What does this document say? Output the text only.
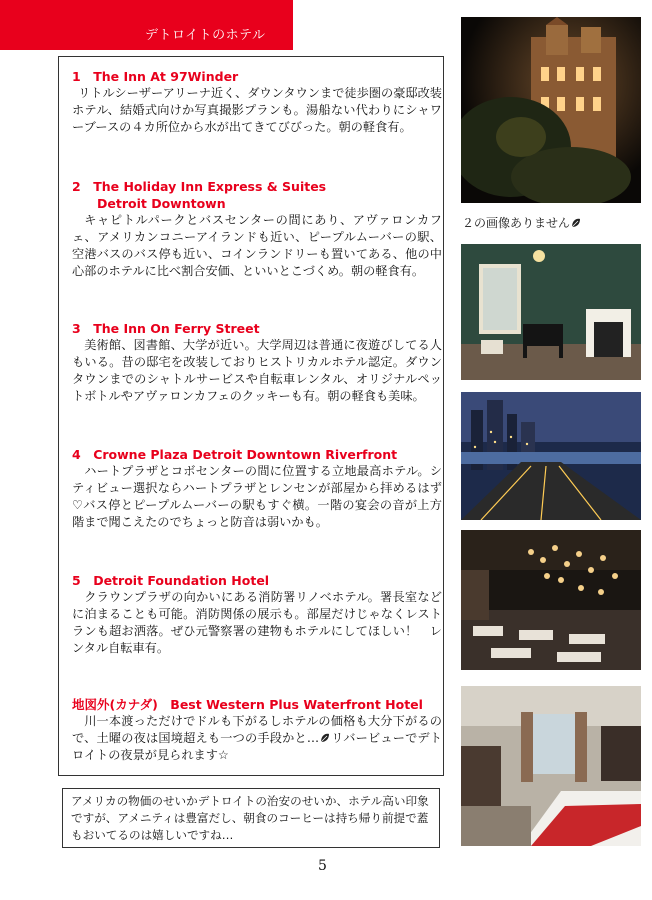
デトロイトのホテル
1　The Inn At 97Winder
リトルシーザーアリーナ近く、ダウンタウンまで徒歩圏の豪邸改装ホテル、結婚式向けか写真撮影プランも。湯船ない代わりにシャワーブースの４カ所位から水が出てきてびびった。朝の軽食有。
2　The Holiday Inn Express & Suites
　　Detroit Downtown
キャピトルパークとバスセンターの間にあり、アヴァロンカフェ、アメリカンコニーアイランドも近い、ピープルムーバーの駅、空港バスのバス停も近い、コインランドリーも置いてある、他の中心部のホテルに比べ割合安価、といいとこづくめ。朝の軽食有。
3　The Inn On Ferry Street
美術館、図書館、大学が近い。大学周辺は普通に夜遊びしてる人もいる。昔の邸宅を改装しておりヒストリカルホテル認定。ダウンタウンまでのシャトルサービスや自転車レンタル、オリジナルペットボトルやアヴァロンカフェのクッキーも有。朝の軽食も美味。
4　Crowne Plaza Detroit Downtown Riverfront
ハートプラザとコボセンターの間に位置する立地最高ホテル。シティビュー選択ならハートプラザとレンセンが部屋から拝めるはず♡バス停とピープルムーバーの駅もすぐ横。一階の宴会の音が上方階まで聞こえたのでちょっと防音は弱いかも。
5　Detroit Foundation Hotel
クラウンプラザの向かいにある消防署リノベホテル。署長室などに泊まることも可能。消防関係の展示も。部屋だけじゃなくレストランも超お洒落。ぜひ元警察署の建物もホテルにしてほしい！　レンタル自転車有。
地図外(カナダ)　Best Western Plus Waterfront Hotel
川一本渡っただけでドルも下がるしホテルの価格も大分下がるので、土曜の夜は国境超えも一つの手段かと… リバービューでデトロイトの夜景が見られます☆
２の画像ありません
アメリカの物価のせいかデトロイトの治安のせいか、ホテル高い印象ですが、アメニティは豊富だし、朝食のコーヒーは持ち帰り前提で蓋もおいてるのは嬉しいですね…
5
